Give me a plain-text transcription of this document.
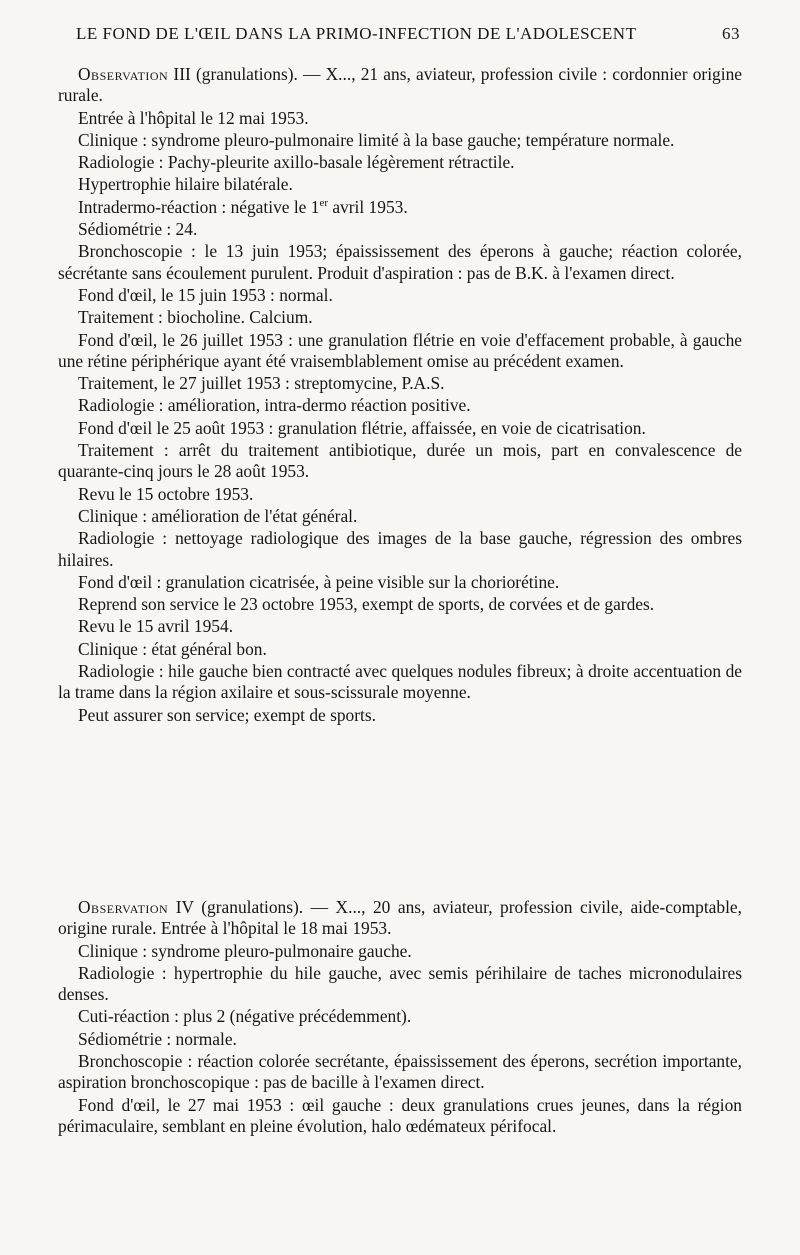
LE FOND DE L'ŒIL DANS LA PRIMO-INFECTION DE L'ADOLESCENT	63

Observation III (granulations). — X..., 21 ans, aviateur, profession civile : cordonnier origine rurale.

Entrée à l'hôpital le 12 mai 1953.

Clinique : syndrome pleuro-pulmonaire limité à la base gauche; température normale.

Radiologie : Pachy-pleurite axillo-basale légèrement rétractile.

Hypertrophie hilaire bilatérale.

Intradermo-réaction : négative le 1er avril 1953.

Sédiométrie : 24.

Bronchoscopie : le 13 juin 1953; épaississement des éperons à gauche; réaction colorée, sécrétante sans écoulement purulent. Produit d'aspiration : pas de B.K. à l'examen direct.

Fond d'œil, le 15 juin 1953 : normal.

Traitement : biocholine. Calcium.

Fond d'œil, le 26 juillet 1953 : une granulation flétrie en voie d'effacement probable, à gauche une rétine périphérique ayant été vraisemblablement omise au précédent examen.

Traitement, le 27 juillet 1953 : streptomycine, P.A.S.

Radiologie : amélioration, intra-dermo réaction positive.

Fond d'œil le 25 août 1953 : granulation flétrie, affaissée, en voie de cicatrisation.

Traitement : arrêt du traitement antibiotique, durée un mois, part en convalescence de quarante-cinq jours le 28 août 1953.

Revu le 15 octobre 1953.

Clinique : amélioration de l'état général.

Radiologie : nettoyage radiologique des images de la base gauche, régression des ombres hilaires.

Fond d'œil : granulation cicatrisée, à peine visible sur la choriorétine.

Reprend son service le 23 octobre 1953, exempt de sports, de corvées et de gardes.

Revu le 15 avril 1954.

Clinique : état général bon.

Radiologie : hile gauche bien contracté avec quelques nodules fibreux; à droite accentuation de la trame dans la région axilaire et sous-scissurale moyenne.

Peut assurer son service; exempt de sports.

Observation IV (granulations). — X..., 20 ans, aviateur, profession civile, aide-comptable, origine rurale. Entrée à l'hôpital le 18 mai 1953.

Clinique : syndrome pleuro-pulmonaire gauche.

Radiologie : hypertrophie du hile gauche, avec semis périhilaire de taches micronodulaires denses.

Cuti-réaction : plus 2 (négative précédemment).

Sédiométrie : normale.

Bronchoscopie : réaction colorée secrétante, épaississement des éperons, secrétion importante, aspiration bronchoscopique : pas de bacille à l'examen direct.

Fond d'œil, le 27 mai 1953 : œil gauche : deux granulations crues jeunes, dans la région périmaculaire, semblant en pleine évolution, halo œdémateux périfocal.
